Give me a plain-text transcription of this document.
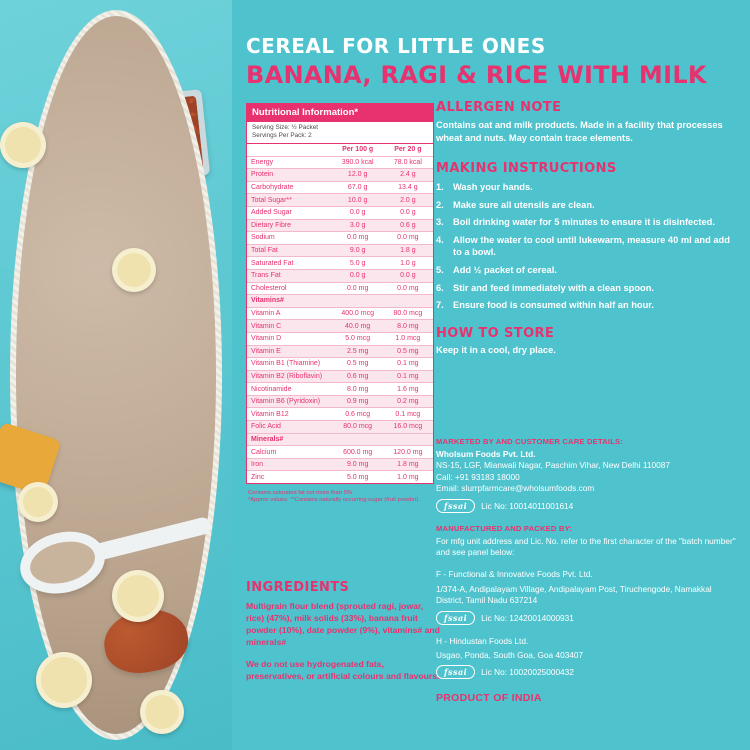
CEREAL FOR LITTLE ONES
BANANA, RAGI & RICE WITH MILK
Nutritional Information*
Serving Size: ½ Packet
Servings Per Pack: 2
	Per 100 g	Per 20 g
Energy	390.0 kcal	78.0 kcal
Protein	12.0 g	2.4 g
Carbohydrate	67.0 g	13.4 g
Total Sugar**	10.0 g	2.0 g
Added Sugar	0.0 g	0.0 g
Dietary Fibre	3.0 g	0.6 g
Sodium	0.0 mg	0.0 mg
Total Fat	9.0 g	1.8 g
Saturated Fat	5.0 g	1.0 g
Trans Fat	0.0 g	0.0 g
Cholesterol	0.0 mg	0.0 mg
Vitamins#		
Vitamin A	400.0 mcg	80.0 mcg
Vitamin C	40.0 mg	8.0 mg
Vitamin D	5.0 mcg	1.0 mcg
Vitamin E	2.5 mg	0.5 mg
Vitamin B1 (Thiamine)	0.5 mg	0.1 mg
Vitamin B2 (Riboflavin)	0.6 mg	0.1 mg
Nicotinamide	8.0 mg	1.6 mg
Vitamin B6 (Pyridoxin)	0.9 mg	0.2 mg
Vitamin B12	0.6 mcg	0.1 mcg
Folic Acid	80.0 mcg	16.0 mcg
Minerals#		
Calcium	600.0 mg	120.0 mg
Iron	9.0 mg	1.8 mg
Zinc	5.0 mg	1.0 mg
Contains saturated fat not more than 5%.
*Approx values. **Contains naturally occurring sugar (fruit powder).
INGREDIENTS
Multigrain flour blend (sprouted ragi, jowar, rice) (47%), milk solids (33%), banana fruit powder (10%), date powder (9%), vitamins# and minerals#
We do not use hydrogenated fats, preservatives, or artificial colours and flavours.
ALLERGEN NOTE
Contains oat and milk products. Made in a facility that processes wheat and nuts. May contain trace elements.
MAKING INSTRUCTIONS
Wash your hands.
Make sure all utensils are clean.
Boil drinking water for 5 minutes to ensure it is disinfected.
Allow the water to cool until lukewarm, measure 40 ml and add to a bowl.
Add ½ packet of cereal.
Stir and feed immediately with a clean spoon.
Ensure food is consumed within half an hour.
HOW TO STORE
Keep it in a cool, dry place.
MARKETED BY AND CUSTOMER CARE DETAILS:
Wholsum Foods Pvt. Ltd.
NS-15, LGF, Mianwali Nagar, Paschim Vihar, New Delhi 110087
Call: +91 93183 18000
Email: slurrpfarmcare@wholsumfoods.com
fssai	Lic No: 10014011001614
MANUFACTURED AND PACKED BY:
For mfg unit address and Lic. No. refer to the first character of the "batch number" and see panel below:
F - Functional & Innovative Foods Pvt. Ltd.
1/374-A, Andipalayam Village, Andipalayam Post, Tiruchengode, Namakkal District, Tamil Nadu 637214
fssai	Lic No: 12420014000931
H - Hindustan Foods Ltd.
Usgao, Ponda, South Goa, Goa 403407
fssai	Lic No: 10020025000432
PRODUCT OF INDIA
